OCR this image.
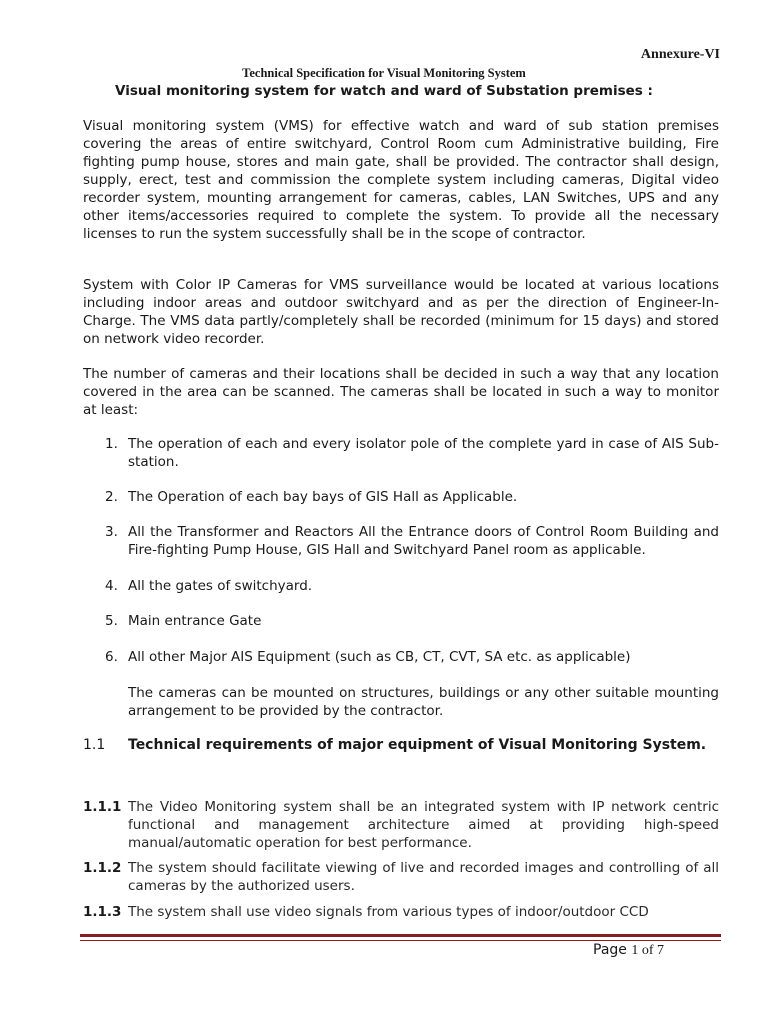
Annexure-VI
Technical Specification for Visual Monitoring System
Visual monitoring system for watch and ward of Substation premises :

Visual monitoring system (VMS) for effective watch and ward of sub station premises covering the areas of entire switchyard, Control Room cum Administrative building, Fire fighting pump house, stores and main gate, shall be provided. The contractor shall design, supply, erect, test and commission the complete system including cameras, Digital video recorder system, mounting arrangement for cameras, cables, LAN Switches, UPS and any other items/accessories required to complete the system. To provide all the necessary licenses to run the system successfully shall be in the scope of contractor.

System with Color IP Cameras for VMS surveillance would be located at various locations including indoor areas and outdoor switchyard and as per the direction of Engineer-In-Charge. The VMS data partly/completely shall be recorded (minimum for 15 days) and stored on network video recorder.

The number of cameras and their locations shall be decided in such a way that any location covered in the area can be scanned. The cameras shall be located in such a way to monitor at least:

1. The operation of each and every isolator pole of the complete yard in case of AIS Sub-station.
2. The Operation of each bay bays of GIS Hall as Applicable.
3. All the Transformer and Reactors All the Entrance doors of Control Room Building and Fire-fighting Pump House, GIS Hall and Switchyard Panel room as applicable.
4. All the gates of switchyard.
5. Main entrance Gate
6. All other Major AIS Equipment (such as CB, CT, CVT, SA etc. as applicable)

The cameras can be mounted on structures, buildings or any other suitable mounting arrangement to be provided by the contractor.

1.1 Technical requirements of major equipment of Visual Monitoring System.
1.1.1 The Video Monitoring system shall be an integrated system with IP network centric functional and management architecture aimed at providing high-speed manual/automatic operation for best performance.
1.1.2 The system should facilitate viewing of live and recorded images and controlling of all cameras by the authorized users.
1.1.3 The system shall use video signals from various types of indoor/outdoor CCD
Page 1 of 7
